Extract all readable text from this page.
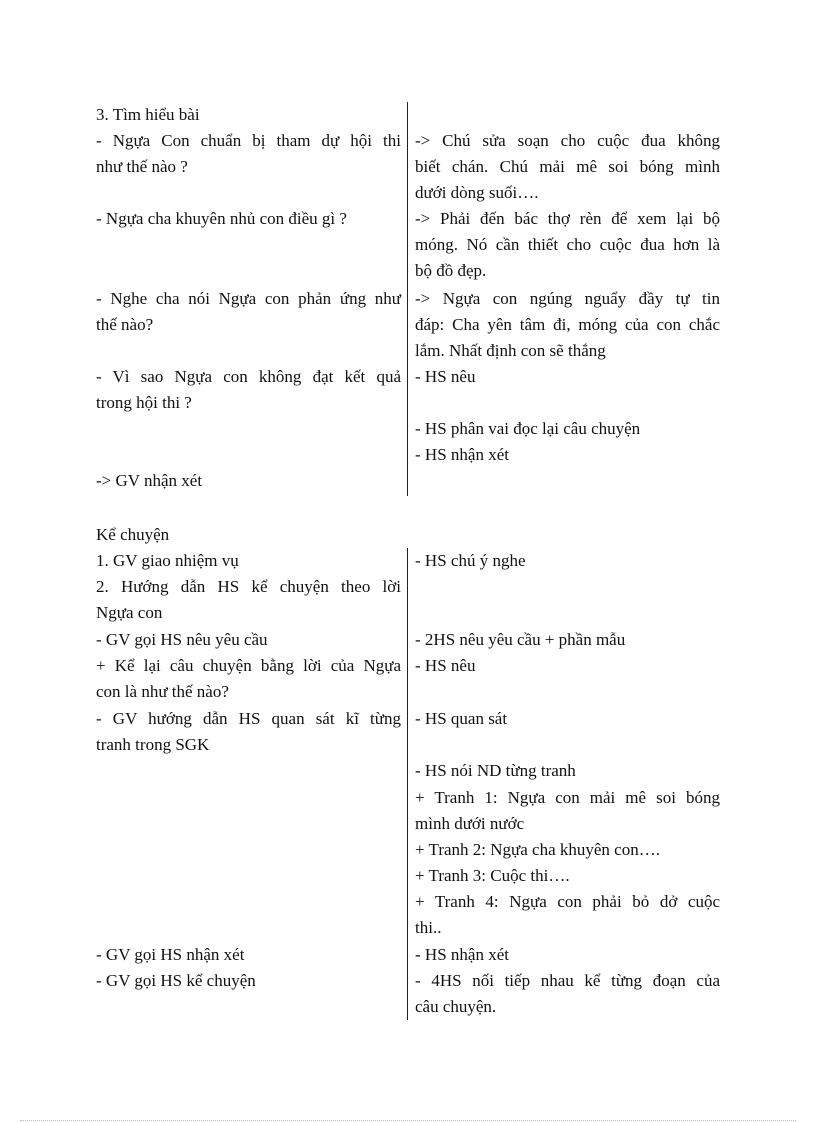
3. Tìm hiểu bài
- Ngựa Con chuẩn bị tham dự hội thi
như thế nào ?
-> Chú sửa soạn cho cuộc đua không
biết chán. Chú mải mê soi bóng mình
dưới dòng suối….
- Ngựa cha khuyên nhủ con điều gì ?	-> Phải đến bác thợ rèn để xem lại bộ
móng. Nó cần thiết cho cuộc đua hơn là
bộ đồ đẹp.
- Nghe cha nói Ngựa con phản ứng như
thế nào?
-> Ngựa con ngúng nguẩy đầy tự tin
đáp: Cha yên tâm đi, móng của con chắc
lắm. Nhất định con sẽ thắng
- Vì sao Ngựa con không đạt kết quả
trong hội thi ?
- HS nêu
- HS phân vai đọc lại câu chuyện
- HS nhận xét
-> GV nhận xét
Kể chuyện
1. GV giao nhiệm vụ
2. Hướng dẫn HS kể chuyện theo lời
Ngựa con
- GV gọi HS nêu yêu cầu
+ Kể lại câu chuyện bằng lời của Ngựa
con là như thế nào?
- GV hướng dẫn HS quan sát kĩ từng
tranh trong SGK
- GV gọi HS nhận xét
- GV gọi HS kể chuyện
- HS chú ý nghe
- 2HS nêu yêu cầu + phần mẫu
- HS nêu
- HS quan sát
- HS nói ND từng tranh
+ Tranh 1: Ngựa con mải mê soi bóng
mình dưới nước
+ Tranh 2: Ngựa cha khuyên con….
+ Tranh 3: Cuộc thi….
+ Tranh 4: Ngựa con phải bỏ dở cuộc
thi..
- HS nhận xét
- 4HS nối tiếp nhau kể từng đoạn của
câu chuyện.
